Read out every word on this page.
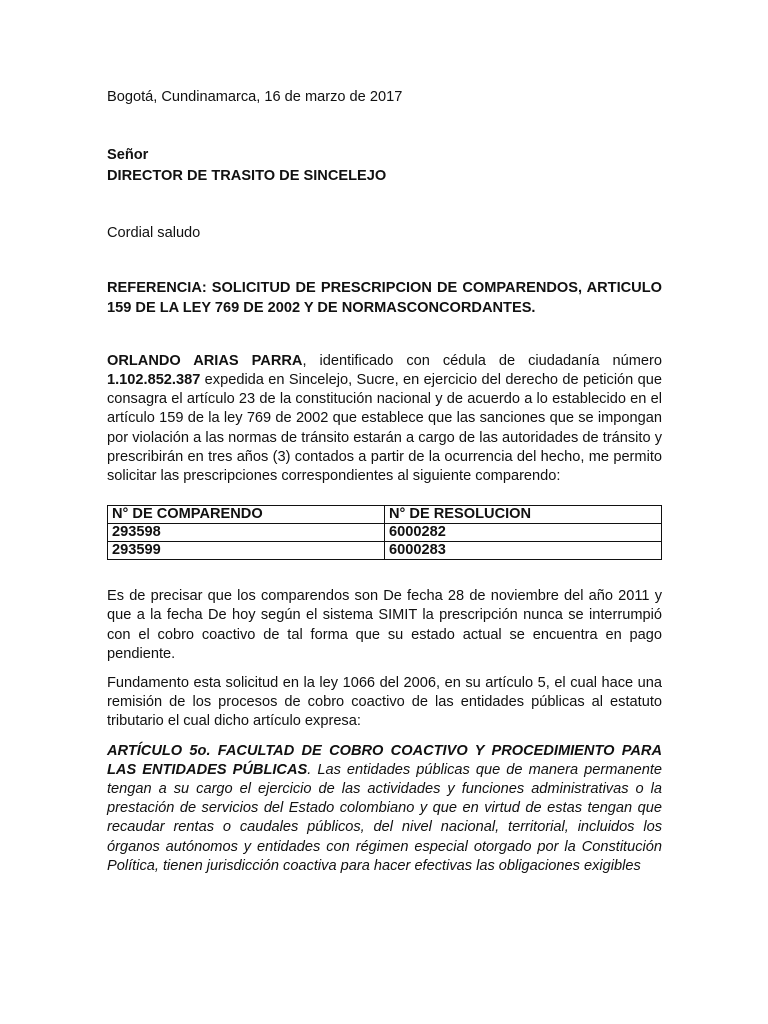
Bogotá, Cundinamarca, 16 de marzo de 2017
Señor
DIRECTOR DE TRASITO DE SINCELEJO
Cordial saludo
REFERENCIA: SOLICITUD DE PRESCRIPCION DE COMPARENDOS, ARTICULO 159 DE LA LEY 769 DE 2002 Y DE NORMASCONCORDANTES.
ORLANDO ARIAS PARRA, identificado con cédula de ciudadanía número 1.102.852.387 expedida en Sincelejo, Sucre, en ejercicio del derecho de petición que consagra el artículo 23 de la constitución nacional y de acuerdo a lo establecido en el artículo 159 de la ley 769 de 2002 que establece que las sanciones que se impongan por violación a las normas de tránsito estarán a cargo de las autoridades de tránsito y prescribirán en tres años (3) contados a partir de la ocurrencia del hecho, me permito solicitar las prescripciones correspondientes al siguiente comparendo:
N° DE COMPARENDO	N° DE RESOLUCION
293598	6000282
293599	6000283
Es de precisar que los comparendos son De fecha 28 de noviembre del año 2011 y que a la fecha De hoy según el sistema SIMIT la prescripción nunca se interrumpió con el cobro coactivo de tal forma que su estado actual se encuentra en pago pendiente.
Fundamento esta solicitud en la ley 1066 del 2006, en su artículo 5, el cual hace una remisión de los procesos de cobro coactivo de las entidades públicas al estatuto tributario el cual dicho artículo expresa:
ARTÍCULO 5o. FACULTAD DE COBRO COACTIVO Y PROCEDIMIENTO PARA LAS ENTIDADES PÚBLICAS. Las entidades públicas que de manera permanente tengan a su cargo el ejercicio de las actividades y funciones administrativas o la prestación de servicios del Estado colombiano y que en virtud de estas tengan que recaudar rentas o caudales públicos, del nivel nacional, territorial, incluidos los órganos autónomos y entidades con régimen especial otorgado por la Constitución Política, tienen jurisdicción coactiva para hacer efectivas las obligaciones exigibles
